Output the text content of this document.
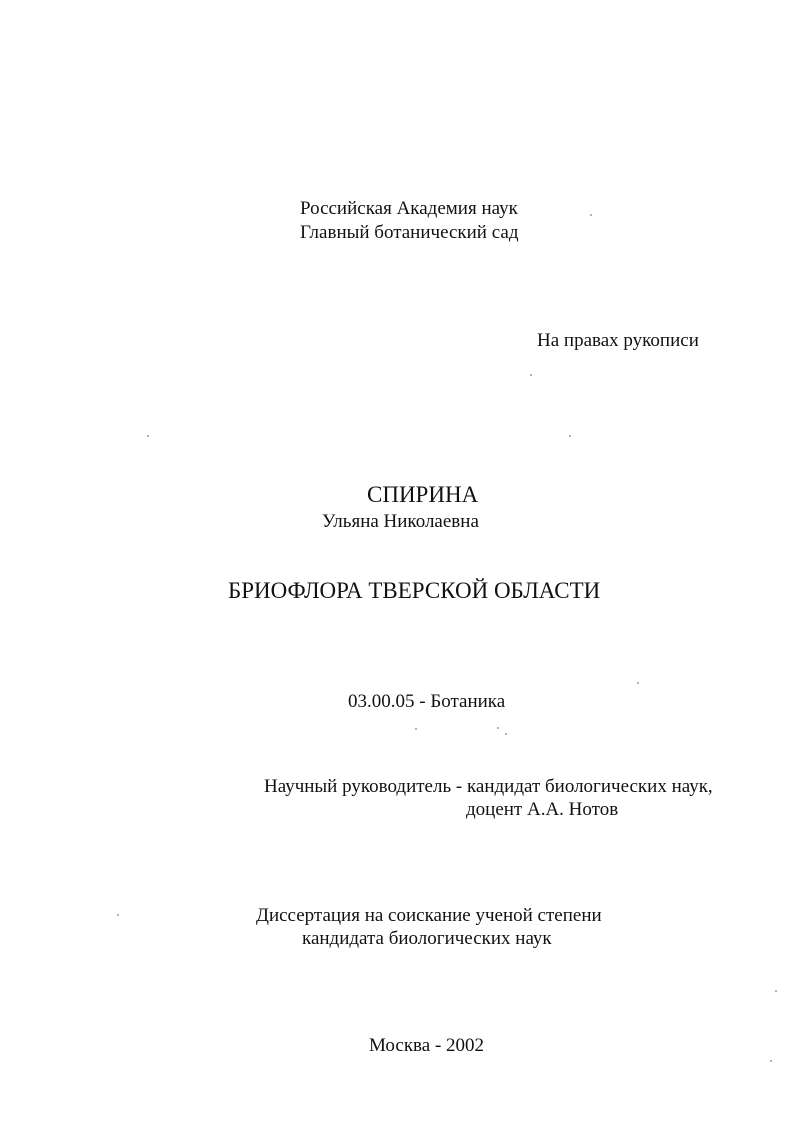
Российская Академия наук
Главный ботанический сад
На правах рукописи
СПИРИНА
Ульяна Николаевна
БРИОФЛОРА ТВЕРСКОЙ ОБЛАСТИ
03.00.05 - Ботаника
Научный руководитель - кандидат биологических наук,
доцент А.А. Нотов
Диссертация на соискание ученой степени
кандидата биологических наук
Москва - 2002
